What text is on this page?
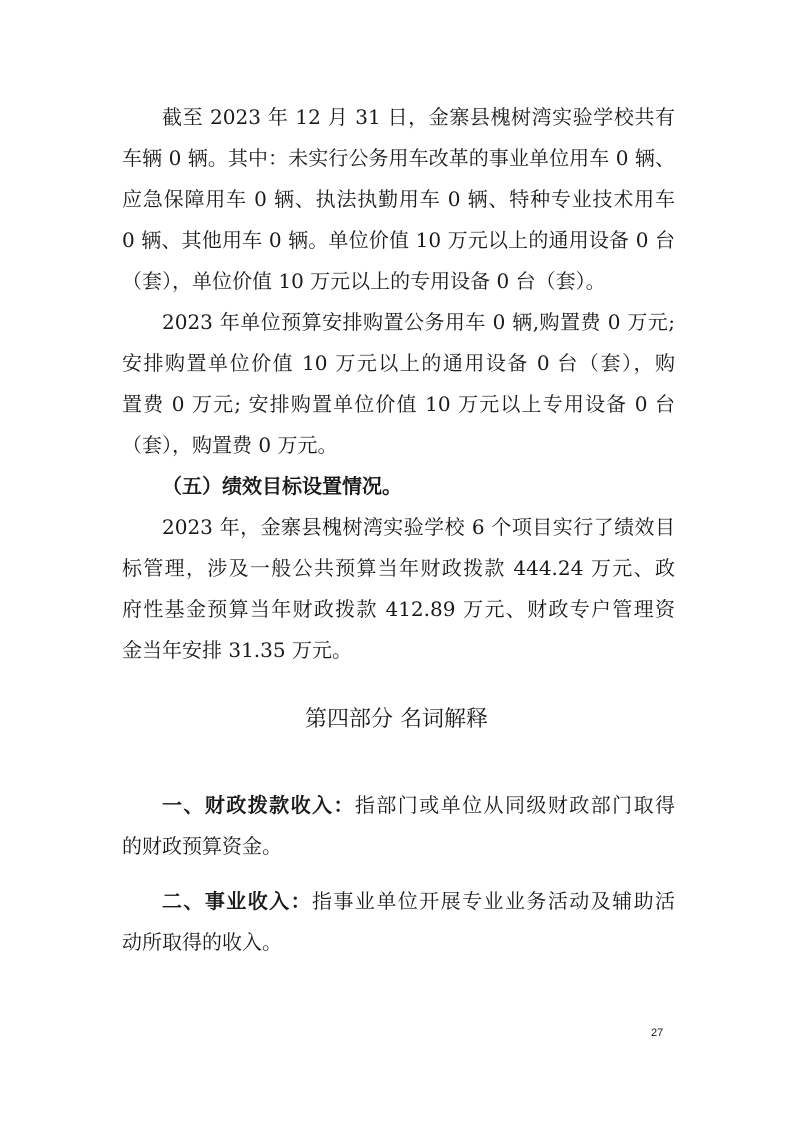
截至 2023 年 12 月 31 日，金寨县槐树湾实验学校共有
车辆 0 辆。其中：未实行公务用车改革的事业单位用车 0 辆、
应急保障用车 0 辆、执法执勤用车 0 辆、特种专业技术用车
0 辆、其他用车 0 辆。单位价值 10 万元以上的通用设备 0 台
（套），单位价值 10 万元以上的专用设备 0 台（套）。
2023 年单位预算安排购置公务用车 0 辆,购置费 0 万元;
安排购置单位价值 10 万元以上的通用设备 0 台（套），购
置费 0 万元; 安排购置单位价值 10 万元以上专用设备 0 台
（套），购置费 0 万元。
（五）绩效目标设置情况。
2023 年，金寨县槐树湾实验学校 6 个项目实行了绩效目
标管理，涉及一般公共预算当年财政拨款 444.24 万元、政
府性基金预算当年财政拨款 412.89 万元、财政专户管理资
金当年安排 31.35 万元。
第四部分 名词解释
一、财政拨款收入：指部门或单位从同级财政部门取得
的财政预算资金。
二、事业收入：指事业单位开展专业业务活动及辅助活
动所取得的收入。
27
